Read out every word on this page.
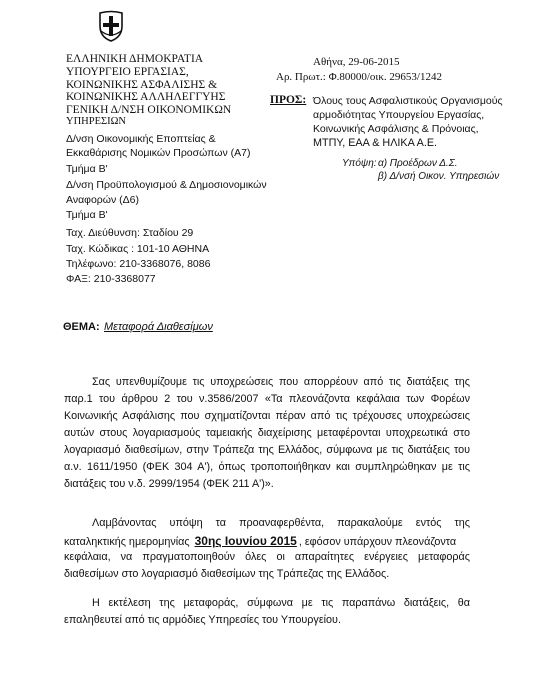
ΕΛΛΗΝΙΚΗ ΔΗΜΟΚΡΑΤΙΑ
ΥΠΟΥΡΓΕΙΟ ΕΡΓΑΣΙΑΣ,
ΚΟΙΝΩΝΙΚΗΣ ΑΣΦΑΛΙΣΗΣ &
ΚΟΙΝΩΝΙΚΗΣ ΑΛΛΗΛΕΓΓΥΗΣ
ΓΕΝΙΚΗ Δ/ΝΣΗ ΟΙΚΟΝΟΜΙΚΩΝ
ΥΠΗΡΕΣΙΩΝ
Δ/νση Οικονομικής Εποπτείας &
Εκκαθάρισης Νομικών Προσώπων (Α7)
Τμήμα Β'
Δ/νση Προϋπολογισμού & Δημοσιονομικών
Αναφορών (Δ6)
Τμήμα Β'
Ταχ. Διεύθυνση: Σταδίου 29
Ταχ. Κώδικας : 101-10 ΑΘΗΝΑ
Τηλέφωνο: 210-3368076, 8086
ΦΑΞ: 210-3368077
Αθήνα, 29-06-2015
Αρ. Πρωτ.: Φ.80000/οικ. 29653/1242
ΠΡΟΣ: Όλους τους Ασφαλιστικούς Οργανισμούς
αρμοδιότητας Υπουργείου Εργασίας,
Κοινωνικής Ασφάλισης & Πρόνοιας,
ΜΤΠΥ, ΕΑΑ & ΗΛΙΚΑ Α.Ε.
Υπόψη: α) Προέδρων Δ.Σ.
β) Δ/νσή Οικον. Υπηρεσιών
ΘΕΜΑ: Μεταφορά Διαθεσίμων
Σας υπενθυμίζουμε τις υποχρεώσεις που απορρέουν από τις διατάξεις της
παρ.1 του άρθρου 2 του ν.3586/2007 «Τα πλεονάζοντα κεφάλαια των Φορέων
Κοινωνικής Ασφάλισης που σχηματίζονται πέραν από τις τρέχουσες υποχρεώσεις
αυτών στους λογαριασμούς ταμειακής διαχείρισης μεταφέρονται υποχρεωτικά στο
λογαριασμό διαθεσίμων, στην Τράπεζα της Ελλάδος, σύμφωνα με τις διατάξεις του
α.ν. 1611/1950 (ΦΕΚ 304 Α'), όπως τροποποιήθηκαν και συμπληρώθηκαν με τις
διατάξεις του ν.δ. 2999/1954 (ΦΕΚ 211 Α')».
Λαμβάνοντας υπόψη τα προαναφερθέντα, παρακαλούμε εντός της
καταληκτικής ημερομηνίας 30ης Ιουνίου 2015 , εφόσον υπάρχουν πλεονάζοντα
κεφάλαια, να πραγματοποιηθούν όλες οι απαραίτητες ενέργειες μεταφοράς
διαθεσίμων στο λογαριασμό διαθεσίμων της Τράπεζας της Ελλάδος.
Η εκτέλεση της μεταφοράς, σύμφωνα με τις παραπάνω διατάξεις, θα
επαληθευτεί από τις αρμόδιες Υπηρεσίες του Υπουργείου.
